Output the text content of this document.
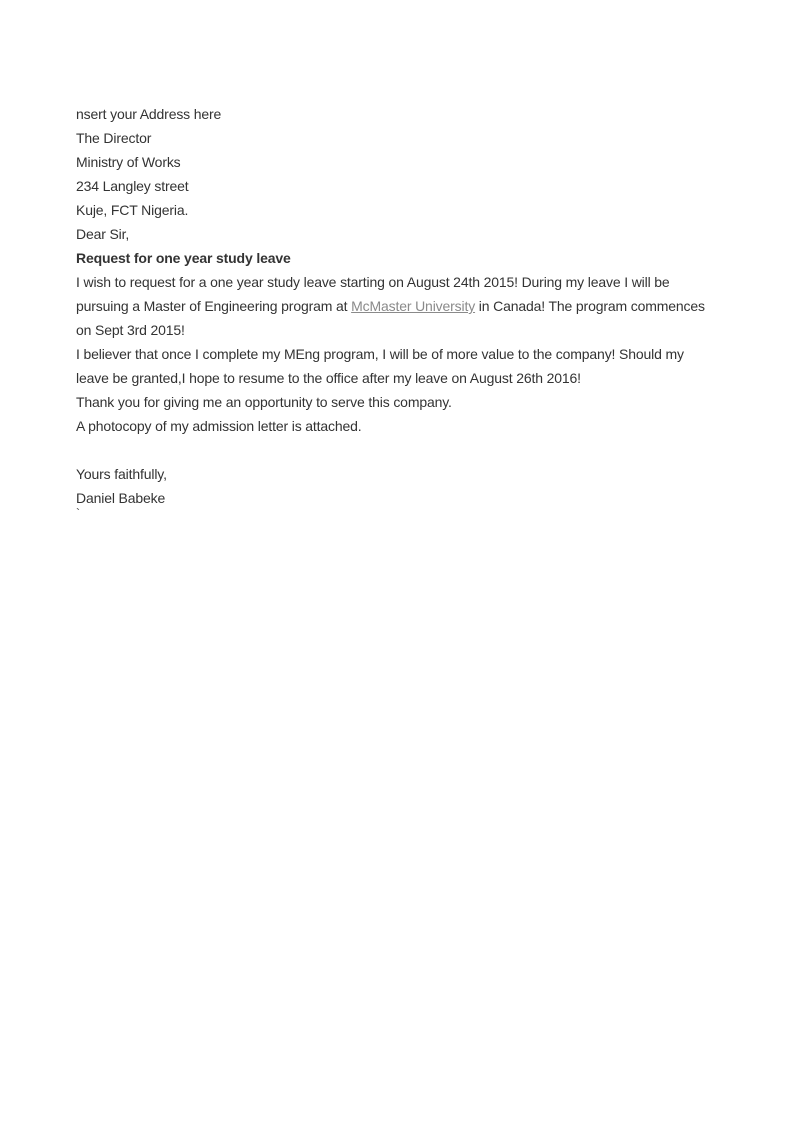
nsert your Address here
The Director
Ministry of Works
234 Langley street
Kuje, FCT Nigeria.
Dear Sir,
Request for one year study leave
I wish to request for a one year study leave starting on August 24th 2015! During my leave I will be pursuing a Master of Engineering program at McMaster University in Canada! The program commences on Sept 3rd 2015!
I believer that once I complete my MEng program, I will be of more value to the company! Should my leave be granted,I hope to resume to the office after my leave on August 26th 2016!
Thank you for giving me an opportunity to serve this company.
A photocopy of my admission letter is attached.
Yours faithfully,
Daniel Babeke
`
